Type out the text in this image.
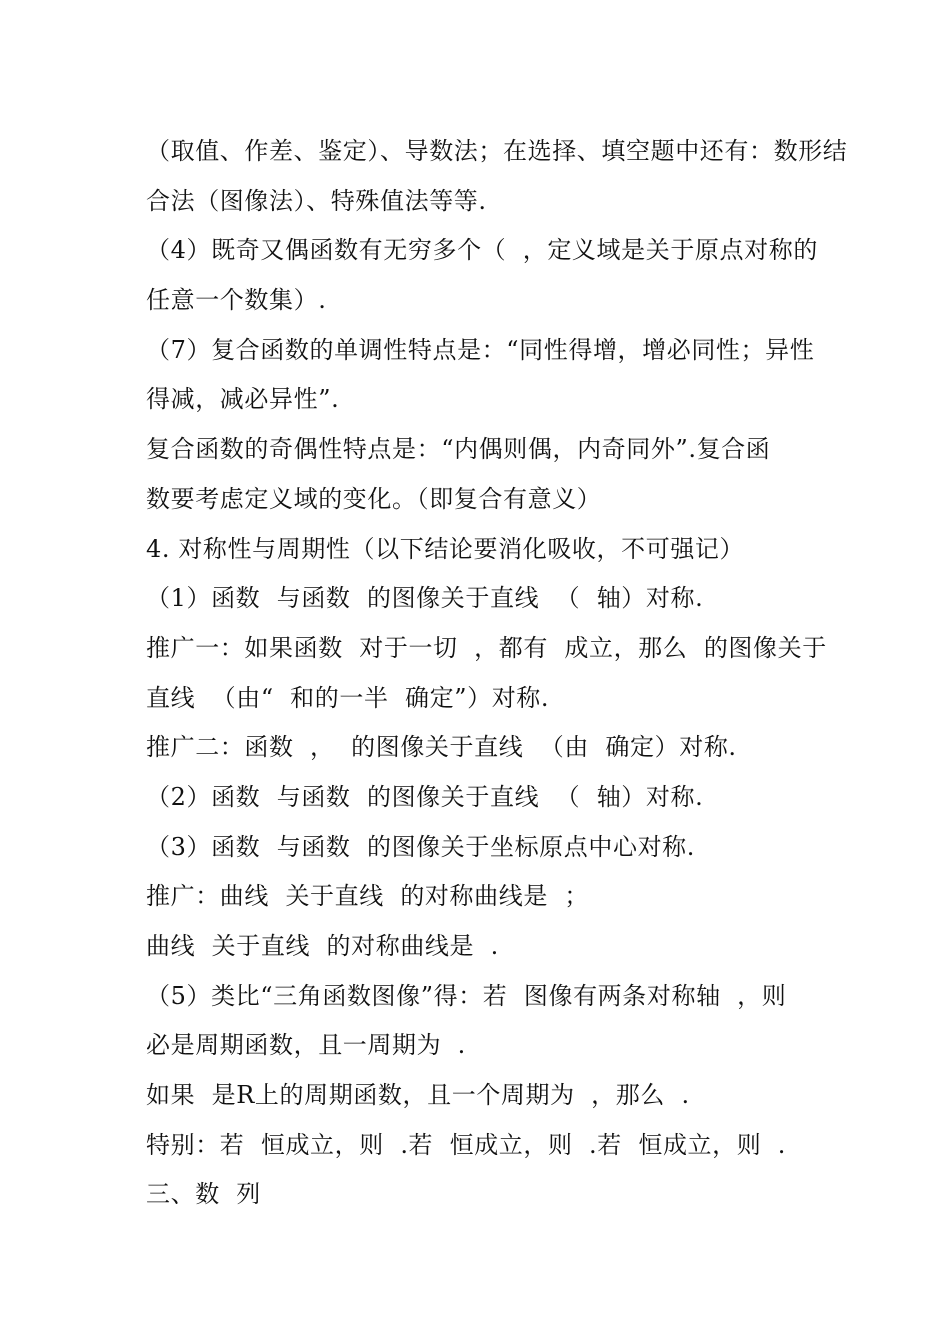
（取值、作差、鉴定）、导数法；在选择、填空题中还有：数形结
合法（图像法）、特殊值法等等.
（4）既奇又偶函数有无穷多个（  ，定义域是关于原点对称的
任意一个数集）.
（7）复合函数的单调性特点是：“同性得增，增必同性；异性
得减，减必异性”.
复合函数的奇偶性特点是：“内偶则偶，内奇同外”.复合函
数要考虑定义域的变化。（即复合有意义）
4. 对称性与周期性（以下结论要消化吸收，不可强记）
（1）函数  与函数  的图像关于直线  （  轴）对称.
推广一：如果函数  对于一切  ，都有  成立，那么  的图像关于
直线  （由“  和的一半  确定”）对称.
推广二：函数  ，  的图像关于直线  （由  确定）对称.
（2）函数  与函数  的图像关于直线  （  轴）对称.
（3）函数  与函数  的图像关于坐标原点中心对称.
推广：曲线  关于直线  的对称曲线是  ；
曲线  关于直线  的对称曲线是  .
（5）类比“三角函数图像”得：若  图像有两条对称轴  ，则
必是周期函数，且一周期为  .
如果  是R上的周期函数，且一个周期为  ，那么  .
特别：若  恒成立，则  .若  恒成立，则  .若  恒成立，则  .
三、数  列
